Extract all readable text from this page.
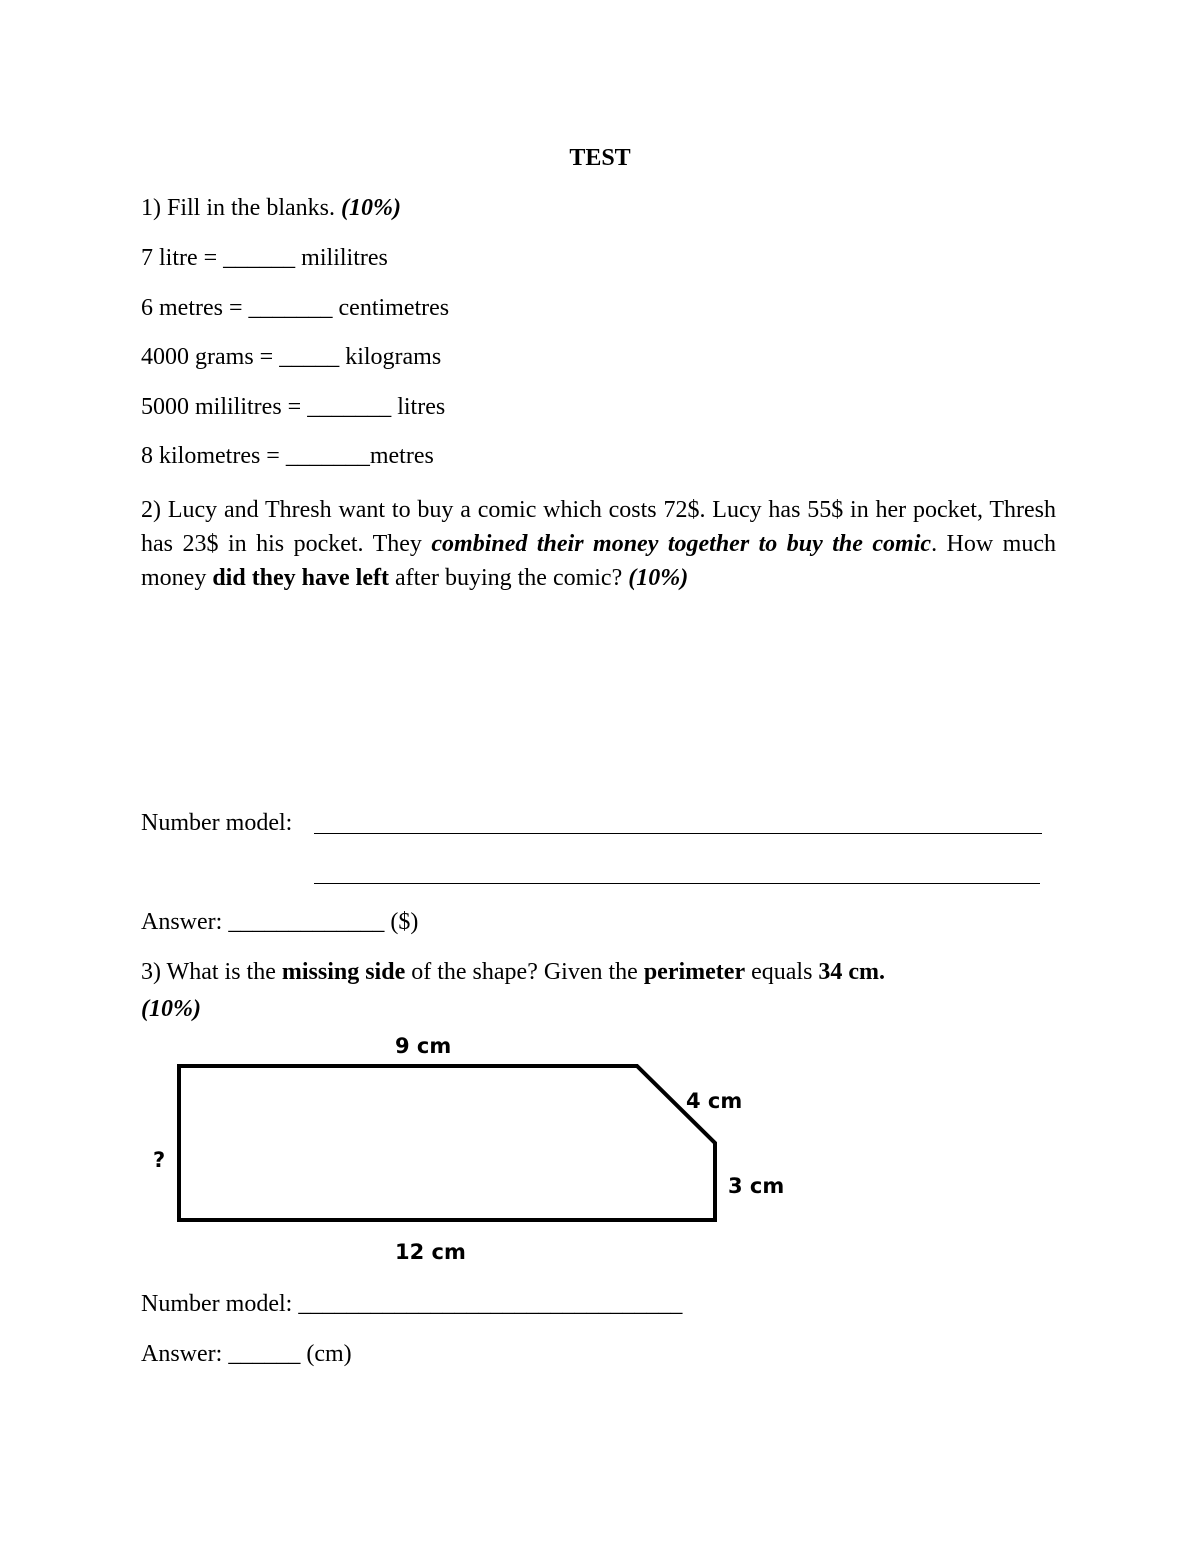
TEST
1) Fill in the blanks. (10%)
7 litre = ______ mililitres
6 metres = _______ centimetres
4000 grams = _____ kilograms
5000 mililitres = _______ litres
8 kilometres = _______metres
2) Lucy and Thresh want to buy a comic which costs 72$. Lucy has 55$ in her pocket, Thresh has 23$ in his pocket. They combined their money together to buy the comic. How much money did they have left after buying the comic? (10%)
Number model:
Answer: _____________ ($)
3) What is the missing side of the shape? Given the perimeter equals 34 cm.
(10%)
9 cm
4 cm
3 cm
12 cm
?
Number model: ________________________________
Answer: ______ (cm)
